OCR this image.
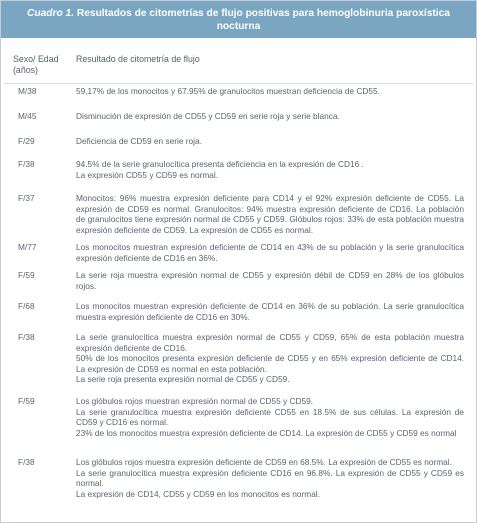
Cuadro 1. Resultados de citometrías de flujo positivas para hemoglobinuria paroxística nocturna
Sexo/ Edad (años)
Resultado de citometría de flujo
M/38	59.17% de los monocitos y 67.95% de granulocitos muestran deficiencia de CD55.
M/45	Disminución de expresión de CD55 y CD59 en serie roja y serie blanca.
F/29	Deficiencia de CD59 en serie roja.
F/38	94.5% de la serie granulocítica presenta deficiencia en la expresión de CD16 .
La expresión CD55 y CD59 es normal.
F/37	Monocitos: 96% muestra expresión deficiente para CD14 y el 92% expresión deficiente de CD55. La expresión de CD59 es normal. Granulocitos: 94% muestra expresión deficiente de CD16. La población de granulocitos tiene expresión normal de CD55 y CD59. Glóbulos rojos: 33% de esta población muestra expresión deficiente de CD59. La expresión de CD55 es normal.
M/77	Los monocitos muestran expresión deficiente de CD14 en 43% de su población y la serie granulocítica expresión deficiente de CD16 en 36%.
F/59	La serie roja muestra expresión normal de CD55 y expresión débil de CD59 en 28% de los glóbulos rojos.
F/68	Los monocitos muestran expresión deficiente de CD14 en 36% de su población. La serie granulocítica muestra expresión deficiente de CD16 en 30%.
F/38	La serie granulocítica muestra expresión normal de CD55 y CD59, 65% de esta población muestra expresión deficiente de CD16.
50% de los monocitos presenta expresión deficiente de CD55 y en 65% expresión deficiente de CD14. La expresión de CD59 es normal en esta población.
La serie roja presenta expresión normal de CD55 y CD59.
F/59	Los glóbulos rojos muestran expresión normal de CD55 y CD59.
La serie granulocítica muestra expresión deficiente CD55 en 18.5% de sus células. La expresión de CD59 y CD16 es normal.
23% de los monocitos muestra expresión deficiente de CD14. La expresión de CD55 y CD59 es normal
F/38	Los glóbulos rojos muestra expresión deficiente de CD59 en 68.5%. La expresión de CD55 es normal.
La serie granulocítica muestra expresión deficiente CD16 en 96.8%. La expresión de CD55 y CD59 es normal.
La expresión de CD14, CD55 y CD59 en los monocitos es normal.
